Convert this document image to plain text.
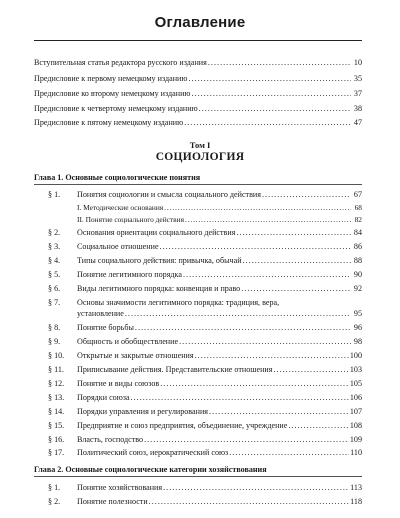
Оглавление
Вступительная статья редактора русского издания . . .	10
Предисловие к первому немецкому изданию . . .	35
Предисловие ко второму немецкому изданию . . .	37
Предисловие к четвертому немецкому изданию . . .	38
Предисловие к пятому немецкому изданию . . .	47
Том I
СОЦИОЛОГИЯ
Глава 1. Основные социологические понятия
§ 1. Понятия социологии и смысла социального действия . . .	67
I. Методические основания . . .	68
II. Понятие социального действия . . .	82
§ 2. Основания ориентации социального действия . . .	84
§ 3. Социальное отношение . . .	86
§ 4. Типы социального действия: привычка, обычай . . .	88
§ 5. Понятие легитимного порядка . . .	90
§ 6. Виды легитимного порядка: конвенция и право . . .	92
§ 7. Основы значимости легитимного порядка: традиция, вера,
установление . . .	95
§ 8. Понятие борьбы . . .	96
§ 9. Общность и обобществление . . .	98
§ 10. Открытые и закрытые отношения . . .	100
§ 11. Приписывание действия. Представительские отношения . . .	103
§ 12. Понятие и виды союзов . . .	105
§ 13. Порядки союза . . .	106
§ 14. Порядки управления и регулирования . . .	107
§ 15. Предприятие и союз предприятия, объединение, учреждение . . .	108
§ 16. Власть, господство . . .	109
§ 17. Политический союз, иерократический союз . . .	110
Глава 2. Основные социологические категории хозяйствования
§ 1. Понятие хозяйствования . . .	113
§ 2. Понятие полезности . . .	118
